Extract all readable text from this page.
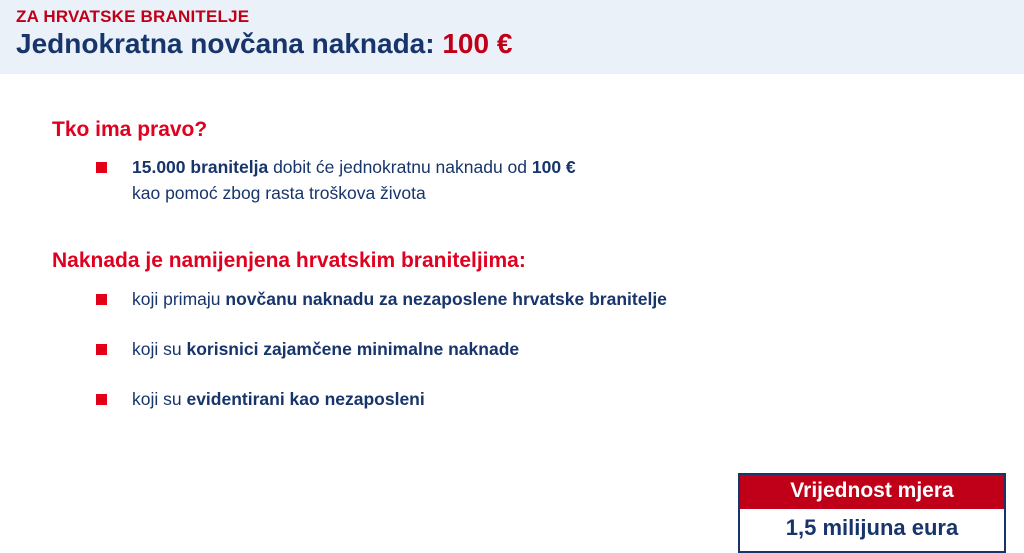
ZA HRVATSKE BRANITELJE
Jednokratna novčana naknada: 100 €
Tko ima pravo?
15.000 branitelja dobit će jednokratnu naknadu od 100 €
kao pomoć zbog rasta troškova života
Naknada je namijenjena hrvatskim braniteljima:
koji primaju novčanu naknadu za nezaposlene hrvatske branitelje
koji su korisnici zajamčene minimalne naknade
koji su evidentirani kao nezaposleni
Vrijednost mjera
1,5 milijuna eura
